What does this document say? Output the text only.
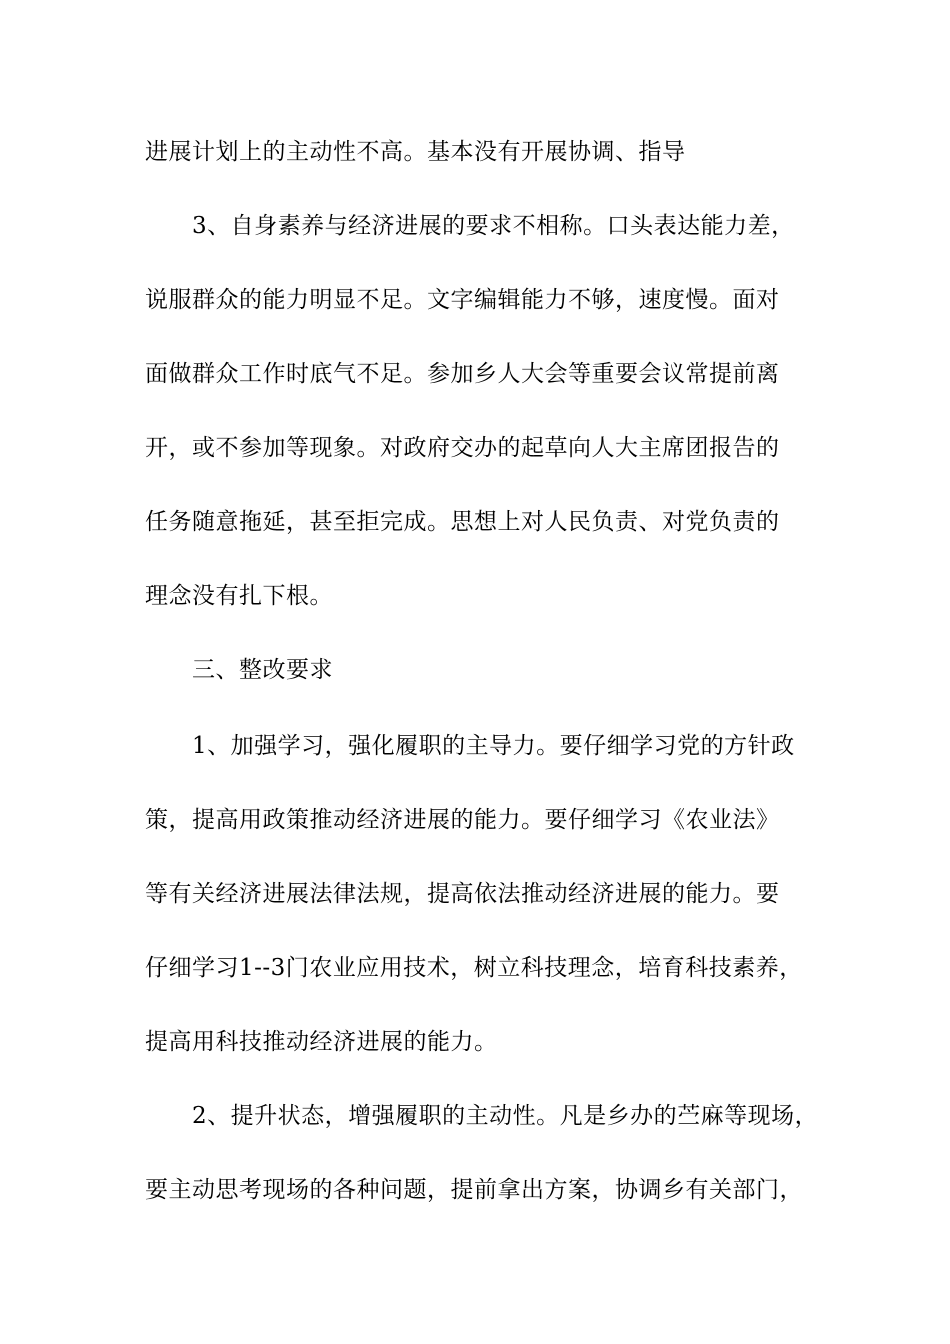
进展计划上的主动性不高。基本没有开展协调、指导
3、自身素养与经济进展的要求不相称。口头表达能力差，
说服群众的能力明显不足。文字编辑能力不够，速度慢。面对
面做群众工作时底气不足。参加乡人大会等重要会议常提前离
开，或不参加等现象。对政府交办的起草向人大主席团报告的
任务随意拖延，甚至拒完成。思想上对人民负责、对党负责的
理念没有扎下根。
三、整改要求
1、加强学习，强化履职的主导力。要仔细学习党的方针政
策，提高用政策推动经济进展的能力。要仔细学习《农业法》
等有关经济进展法律法规，提高依法推动经济进展的能力。要
仔细学习1--3门农业应用技术，树立科技理念，培育科技素养，
提高用科技推动经济进展的能力。
2、提升状态，增强履职的主动性。凡是乡办的苎麻等现场，
要主动思考现场的各种问题，提前拿出方案，协调乡有关部门，
